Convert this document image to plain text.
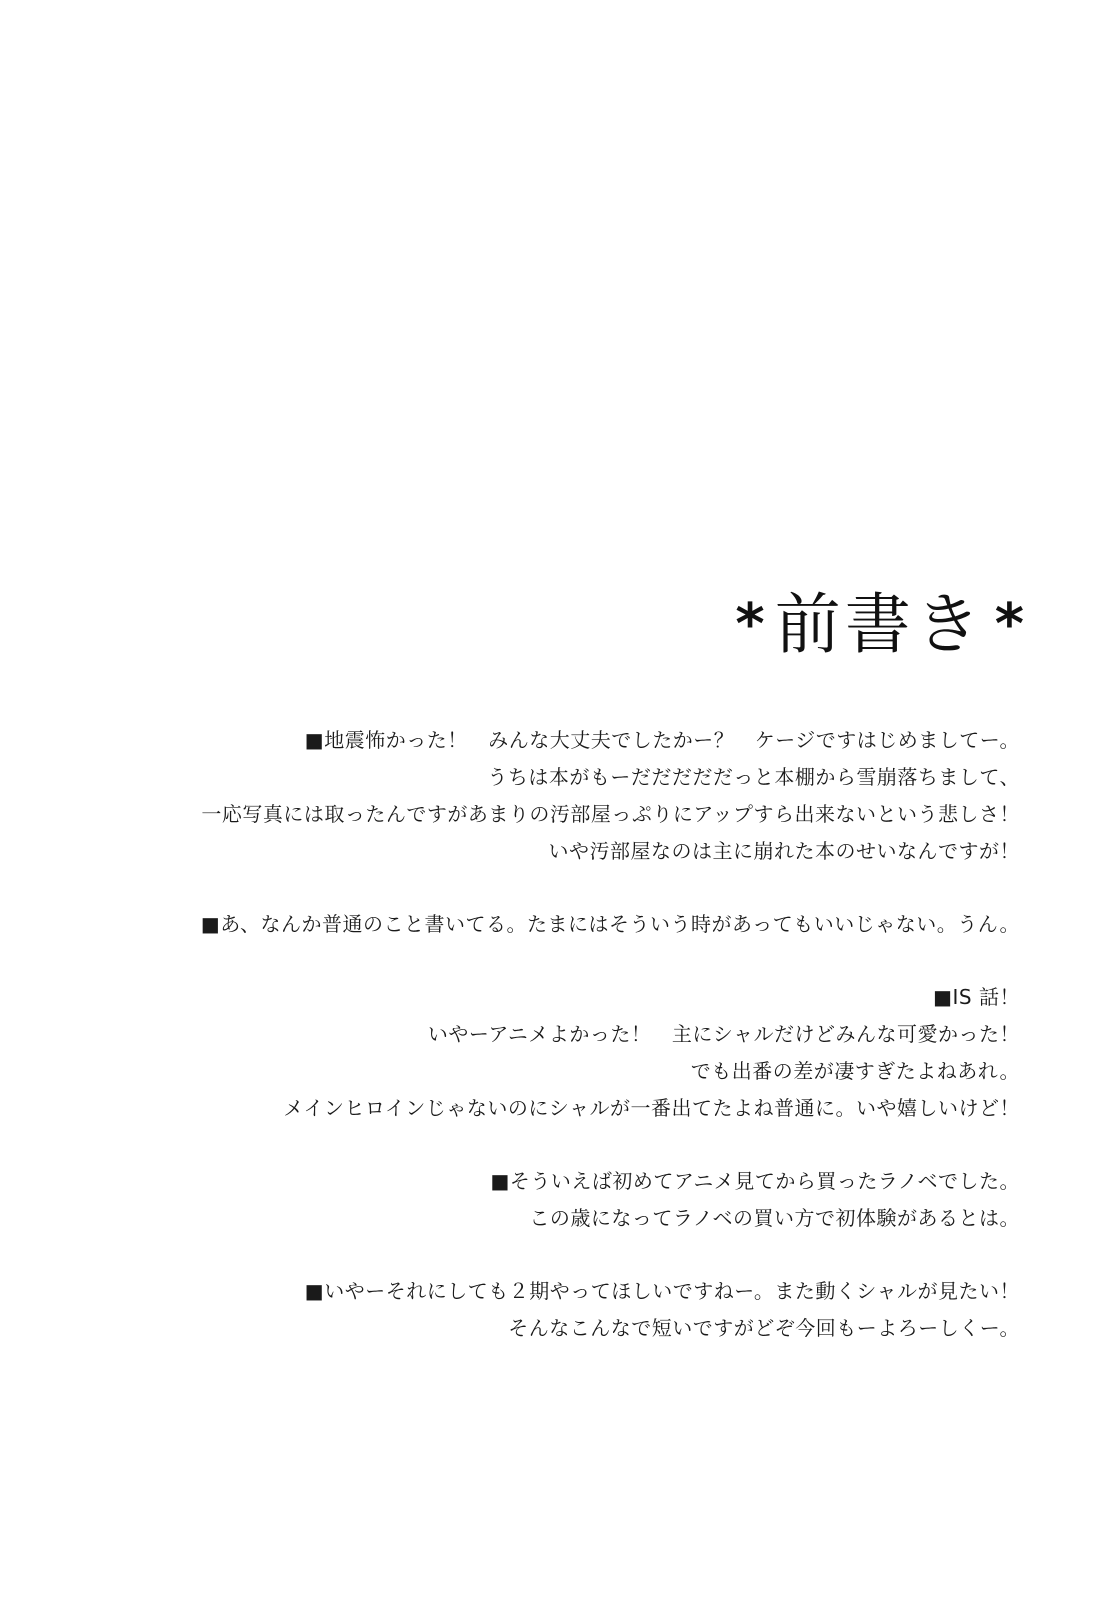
* 前書き *
■地震怖かった！　みんな大丈夫でしたかー？　ケージですはじめましてー。
うちは本がもーだだだだだっと本棚から雪崩落ちまして、
一応写真には取ったんですがあまりの汚部屋っぷりにアップすら出来ないという悲しさ！
いや汚部屋なのは主に崩れた本のせいなんですが！
■あ、なんか普通のこと書いてる。たまにはそういう時があってもいいじゃない。うん。
■IS 話！
いやーアニメよかった！　主にシャルだけどみんな可愛かった！
でも出番の差が凄すぎたよねあれ。
メインヒロインじゃないのにシャルが一番出てたよね普通に。いや嬉しいけど！
■そういえば初めてアニメ見てから買ったラノベでした。
この歳になってラノベの買い方で初体験があるとは。
■いやーそれにしても２期やってほしいですねー。また動くシャルが見たい！
そんなこんなで短いですがどぞ今回もーよろーしくー。
